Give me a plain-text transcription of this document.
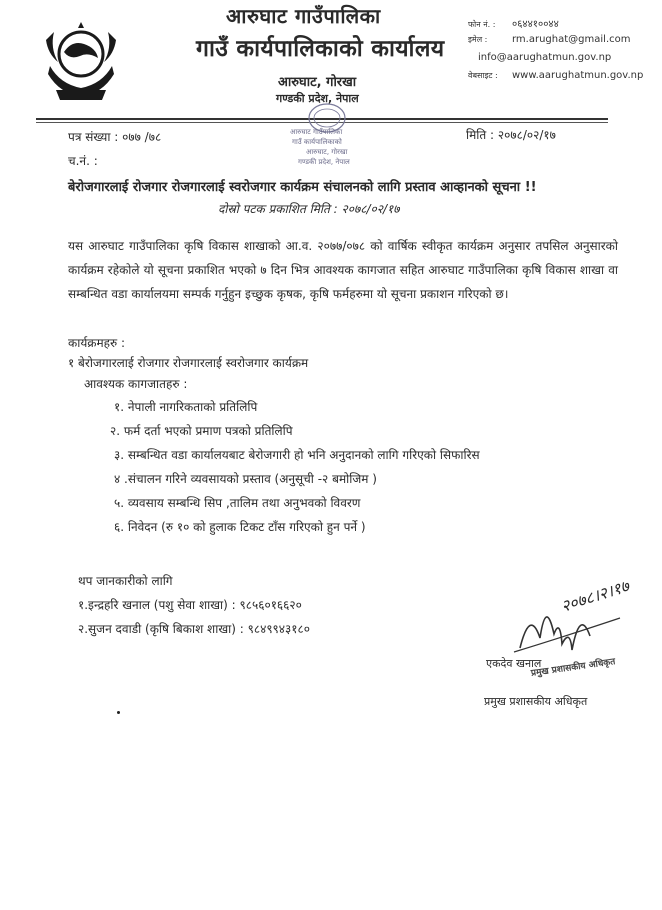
आरुघाट गाउँपालिका
गाउँ कार्यपालिकाको कार्यालय
आरुघाट, गोरखा
गण्डकी प्रदेश, नेपाल
फोन नं. : ०६४४१००४४
इमेल : rm.arughat@gmail.com
info@aarughatmun.gov.np
वेबसाइट : www.aarughatmun.gov.np
पत्र संख्या : ०७७ /७८
च.नं. :
मिति : २०७८/०२/१७
आरुघाट गाउँपालिका
गाउँ कार्यपालिकाको
आरुघाट, गोरखा
गण्डकी प्रदेश, नेपाल
बेरोजगारलाई रोजगार रोजगारलाई स्वरोजगार कार्यक्रम संचालनको लागि प्रस्ताव आव्हानको सूचना !!
दोस्रो पटक प्रकाशित मिति : २०७८/०२/१७
यस आरुघाट गाउँपालिका कृषि विकास शाखाको आ.व. २०७७/०७८ को वार्षिक स्वीकृत कार्यक्रम अनुसार तपसिल अनुसारको कार्यक्रम रहेकोले यो सूचना प्रकाशित भएको ७ दिन भित्र आवश्यक कागजात सहित आरुघाट गाउँपालिका कृषि विकास शाखा वा सम्बन्धित वडा कार्यालयमा सम्पर्क गर्नुहुन इच्छुक कृषक, कृषि फर्महरुमा यो सूचना प्रकाशन गरिएको छ।
कार्यक्रमहरु :
१ बेरोजगारलाई रोजगार रोजगारलाई स्वरोजगार कार्यक्रम
आवश्यक कागजातहरु :
१. नेपाली नागरिकताको प्रतिलिपि
२. फर्म दर्ता भएको प्रमाण पत्रको प्रतिलिपि
३. सम्बन्धित वडा कार्यालयबाट बेरोजगारी हो भनि अनुदानको लागि गरिएको सिफारिस
४ .संचालन गरिने व्यवसायको प्रस्ताव (अनुसूची -२ बमोजिम )
५. व्यवसाय सम्बन्धि सिप ,तालिम तथा अनुभवको विवरण
६. निवेदन (रु १० को हुलाक टिकट टाँस गरिएको हुन पर्ने )
थप जानकारीको लागि
१.इन्द्रहरि खनाल (पशु सेवा शाखा) : ९८५६०१६६२०
२.सुजन दवाडी (कृषि बिकाश शाखा) : ९८४९९४३१८०
२०७८।२।१७
एकदेव खनाल
प्रमुख प्रशासकीय अधिकृत
प्रमुख प्रशासकीय अधिकृत
